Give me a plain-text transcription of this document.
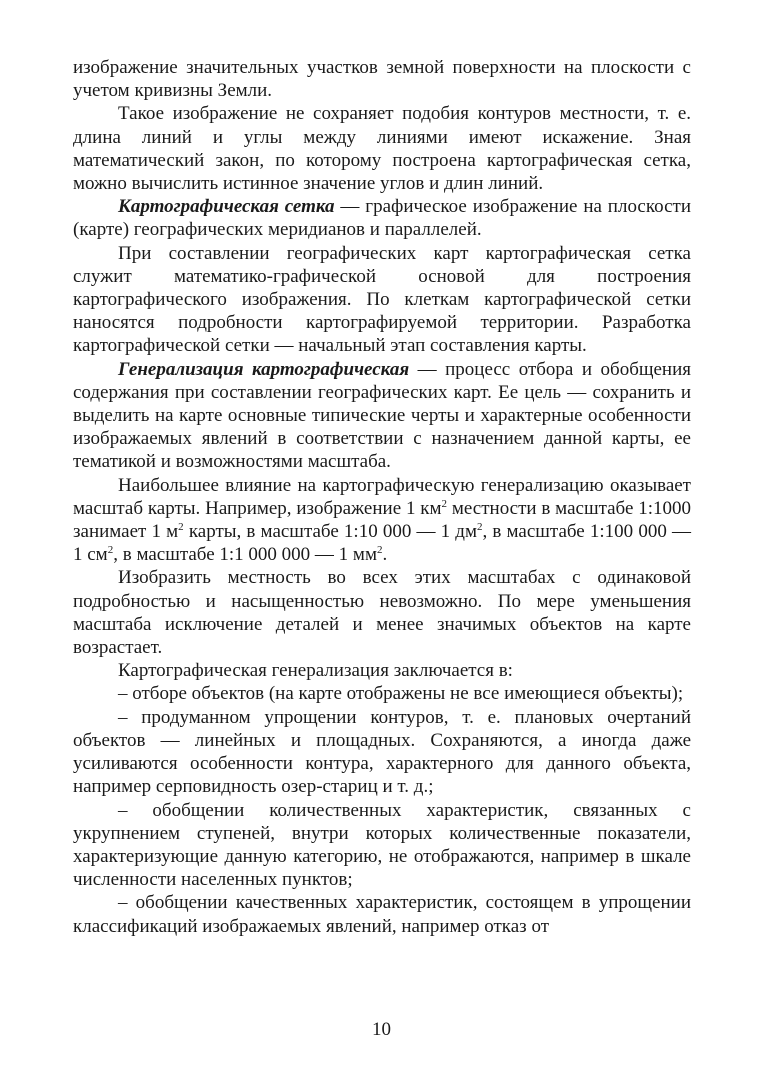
изображение значительных участков земной поверхности на плоскости с учетом кривизны Земли.

Такое изображение не сохраняет подобия контуров местности, т. е. длина линий и углы между линиями имеют искажение. Зная математический закон, по которому построена картографическая сетка, можно вычислить истинное значение углов и длин линий.

Картографическая сетка — графическое изображение на плоскости (карте) географических меридианов и параллелей.

При составлении географических карт картографическая сетка служит математико-графической основой для построения картографического изображения. По клеткам картографической сетки наносятся подробности картографируемой территории. Разработка картографической сетки — начальный этап составления карты.

Генерализация картографическая — процесс отбора и обобщения содержания при составлении географических карт. Ее цель — сохранить и выделить на карте основные типические черты и характерные особенности изображаемых явлений в соответствии с назначением данной карты, ее тематикой и возможностями масштаба.

Наибольшее влияние на картографическую генерализацию оказывает масштаб карты. Например, изображение 1 $км^2$ местности в масштабе 1:1000 занимает 1 $м^2$ карты, в масштабе 1:10 000 — 1 $дм^2$, в масштабе 1:100 000 — 1 $см^2$, в масштабе 1:1 000 000 — 1 $мм^2$.

Изобразить местность во всех этих масштабах с одинаковой подробностью и насыщенностью невозможно. По мере уменьшения масштаба исключение деталей и менее значимых объектов на карте возрастает.

Картографическая генерализация заключается в:

– отборе объектов (на карте отображены не все имеющиеся объекты);

– продуманном упрощении контуров, т. е. плановых очертаний объектов — линейных и площадных. Сохраняются, а иногда даже усиливаются особенности контура, характерного для данного объекта, например серповидность озер-стариц и т. д.;

– обобщении количественных характеристик, связанных с укрупнением ступеней, внутри которых количественные показатели, характеризующие данную категорию, не отображаются, например в шкале численности населенных пунктов;

– обобщении качественных характеристик, состоящем в упрощении классификаций изображаемых явлений, например отказ от

10
